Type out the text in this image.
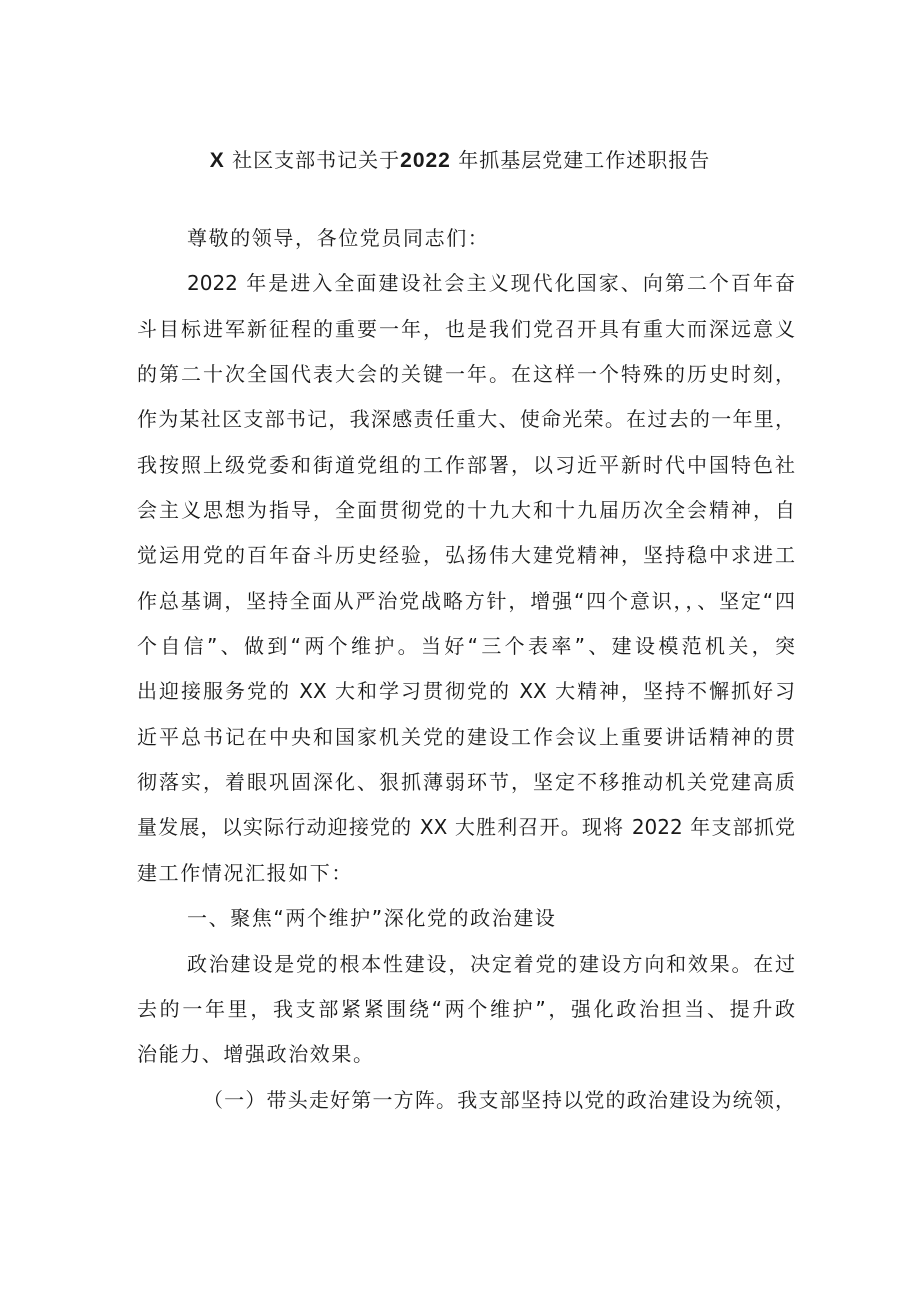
X 社区支部书记关于2022 年抓基层党建工作述职报告

尊敬的领导，各位党员同志们：

2022 年是进入全面建设社会主义现代化国家、向第二个百年奋

斗目标进军新征程的重要一年，也是我们党召开具有重大而深远意义

的第二十次全国代表大会的关键一年。在这样一个特殊的历史时刻，

作为某社区支部书记，我深感责任重大、使命光荣。在过去的一年里，

我按照上级党委和街道党组的工作部署，以习近平新时代中国特色社

会主义思想为指导，全面贯彻党的十九大和十九届历次全会精神，自

觉运用党的百年奋斗历史经验，弘扬伟大建党精神，坚持稳中求进工

作总基调，坚持全面从严治党战略方针，增强“四个意识，，、坚定“四

个自信”、做到“两个维护。当好“三个表率”、建设模范机关，突

出迎接服务党的 XX 大和学习贯彻党的 XX 大精神，坚持不懈抓好习

近平总书记在中央和国家机关党的建设工作会议上重要讲话精神的贯

彻落实，着眼巩固深化、狠抓薄弱环节，坚定不移推动机关党建高质

量发展，以实际行动迎接党的 XX 大胜利召开。现将 2022 年支部抓党

建工作情况汇报如下：

一、聚焦“两个维护”深化党的政治建设

政治建设是党的根本性建设，决定着党的建设方向和效果。在过

去的一年里，我支部紧紧围绕“两个维护”，强化政治担当、提升政

治能力、增强政治效果。

（一）带头走好第一方阵。我支部坚持以党的政治建设为统领，
